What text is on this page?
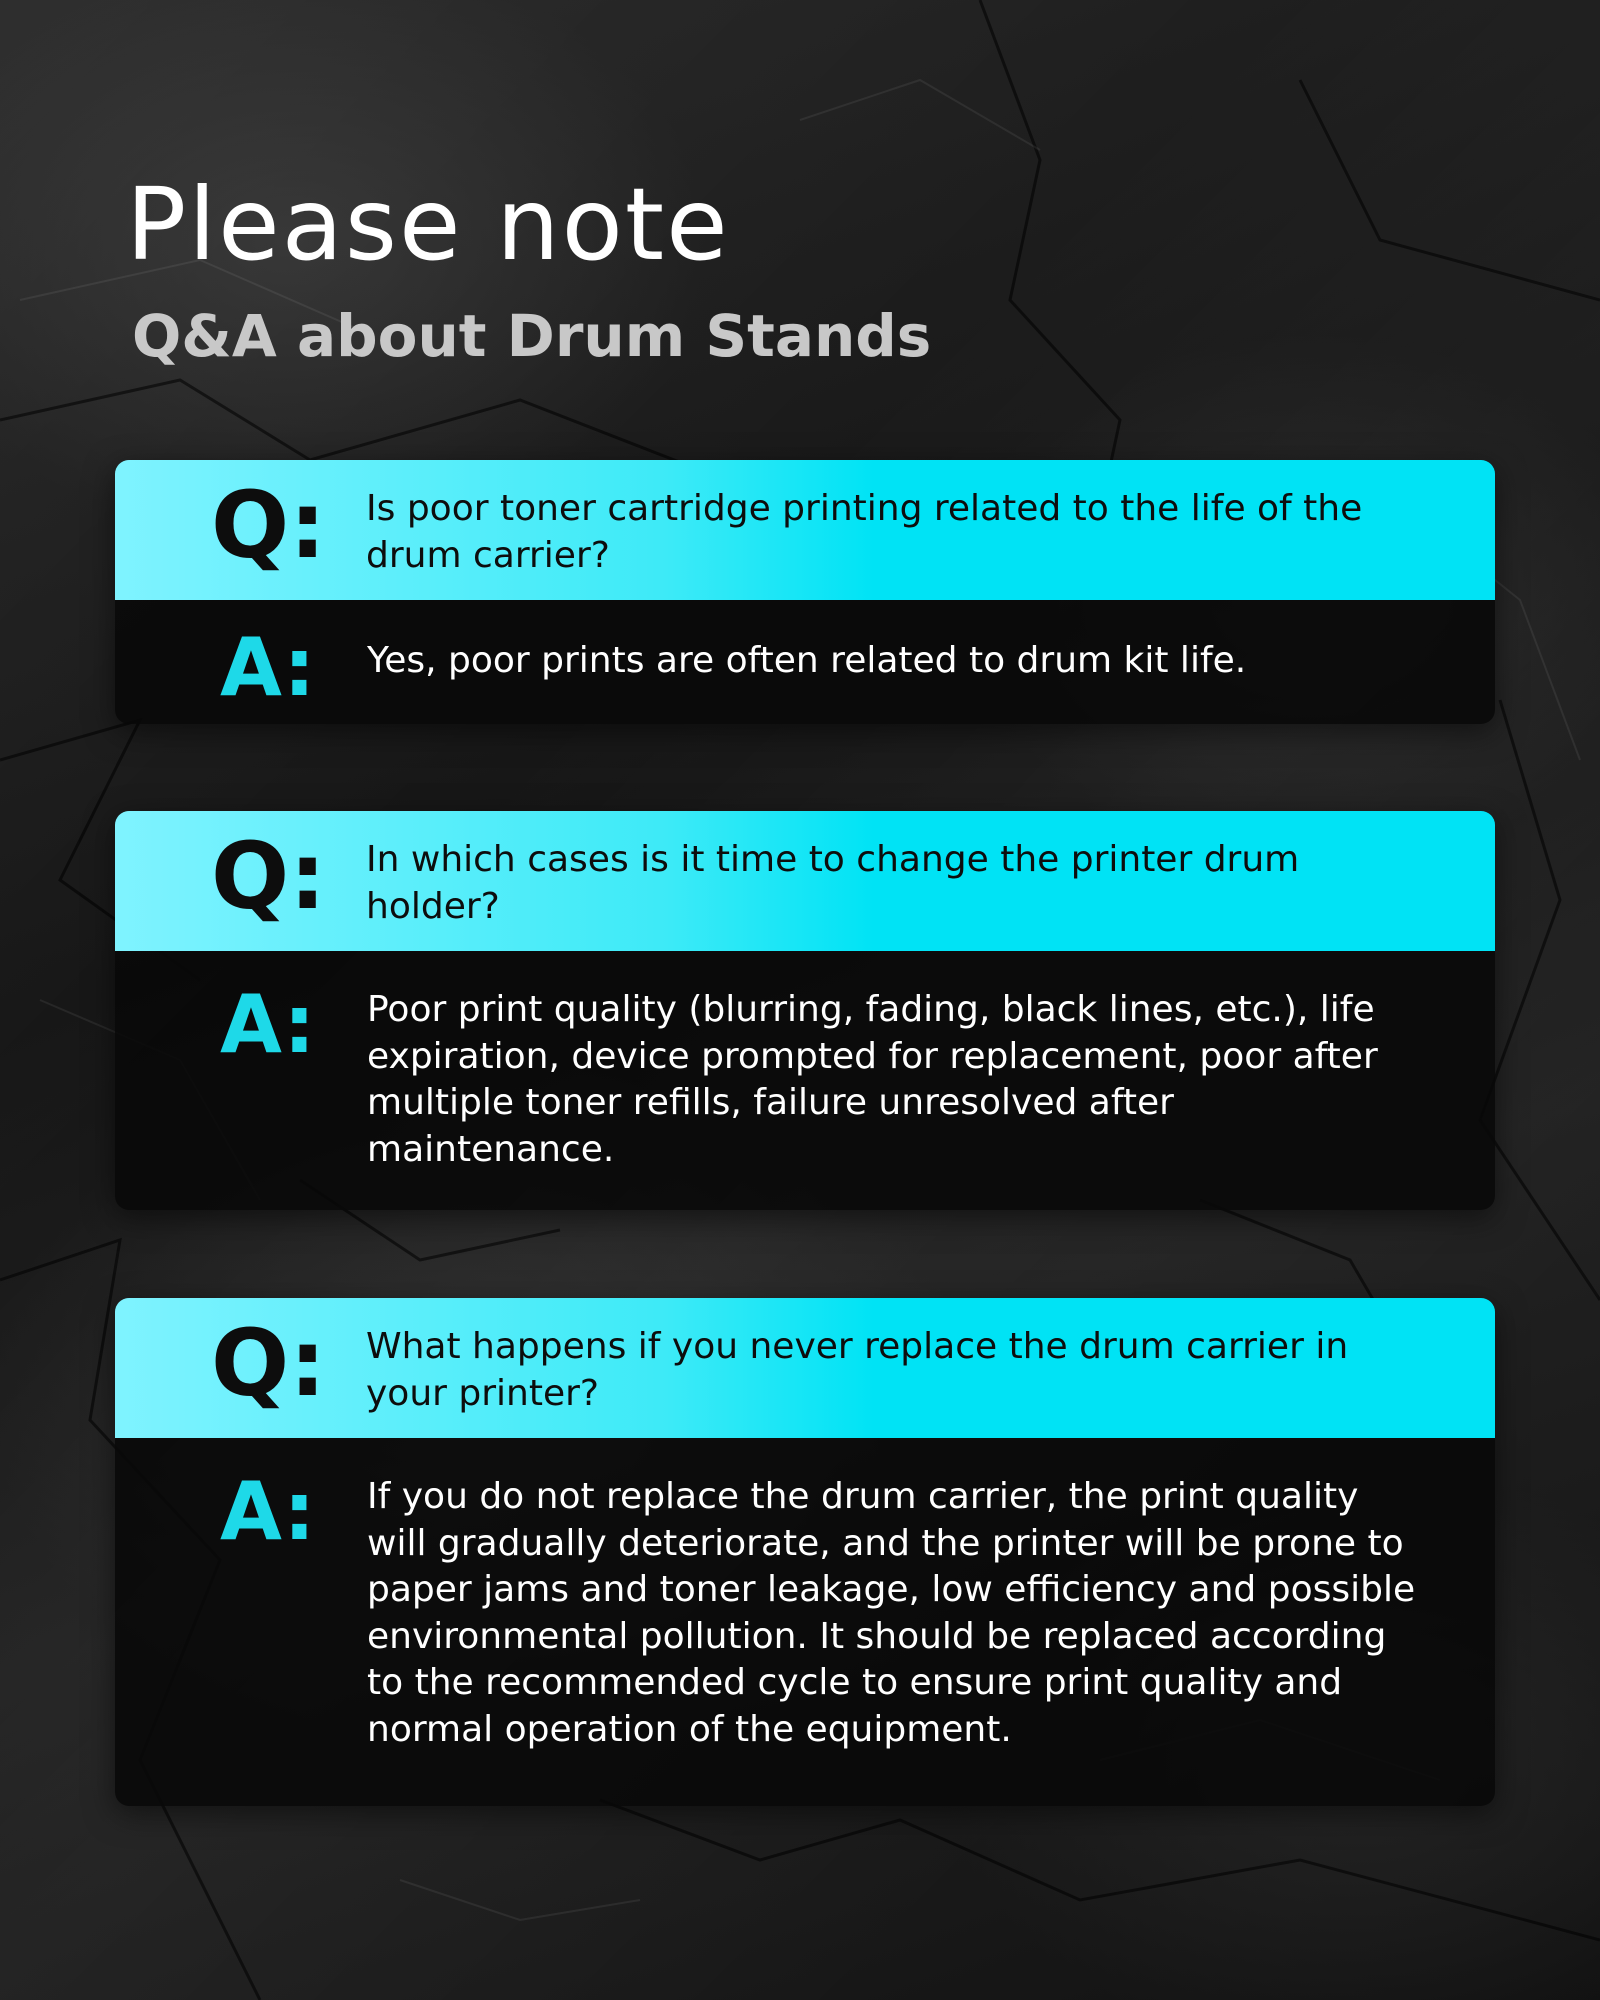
Please note
Q&A about Drum Stands
Q: Is poor toner cartridge printing related to the life of the drum carrier?
A: Yes, poor prints are often related to drum kit life.
Q: In which cases is it time to change the printer drum holder?
A: Poor print quality (blurring, fading, black lines, etc.), life expiration, device prompted for replacement, poor after multiple toner refills, failure unresolved after maintenance.
Q: What happens if you never replace the drum carrier in your printer?
A: If you do not replace the drum carrier, the print quality will gradually deteriorate, and the printer will be prone to paper jams and toner leakage, low efficiency and possible environmental pollution. It should be replaced according to the recommended cycle to ensure print quality and normal operation of the equipment.
